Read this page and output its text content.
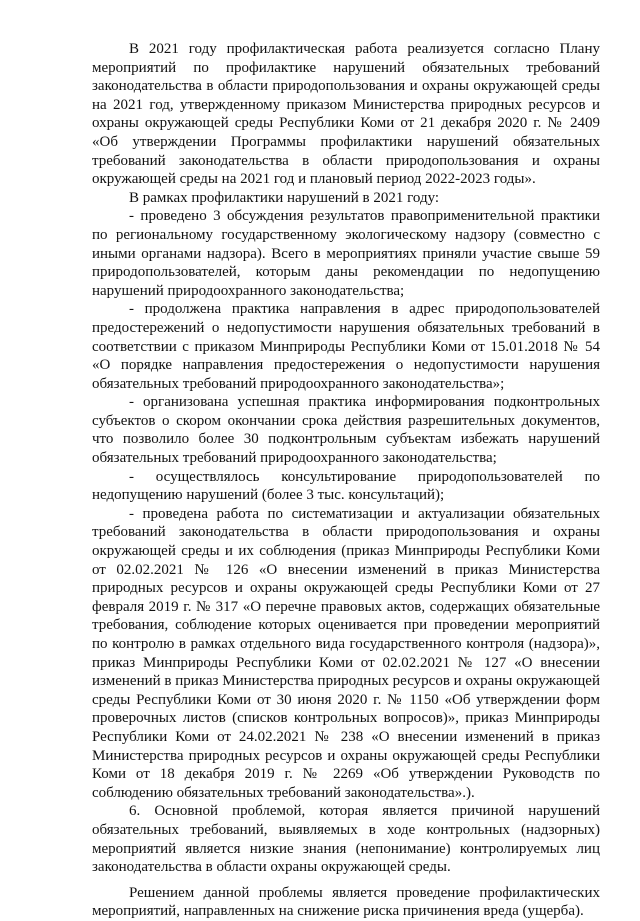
В 2021 году профилактическая работа реализуется согласно Плану мероприятий по профилактике нарушений обязательных требований законодательства в области природопользования и охраны окружающей среды на 2021 год, утвержденному приказом Министерства природных ресурсов и охраны окружающей среды Республики Коми от 21 декабря 2020 г. № 2409 «Об утверждении Программы профилактики нарушений обязательных требований законодательства в области природопользования и охраны окружающей среды на 2021 год и плановый период 2022-2023 годы».

В рамках профилактики нарушений в 2021 году:

- проведено 3 обсуждения результатов правоприменительной практики по региональному государственному экологическому надзору (совместно с иными органами надзора). Всего в мероприятиях приняли участие свыше 59 природопользователей, которым даны рекомендации по недопущению нарушений природоохранного законодательства;

- продолжена практика направления в адрес природопользователей предостережений о недопустимости нарушения обязательных требований в соответствии с приказом Минприроды Республики Коми от 15.01.2018 № 54 «О порядке направления предостережения о недопустимости нарушения обязательных требований природоохранного законодательства»;

- организована успешная практика информирования подконтрольных субъектов о скором окончании срока действия разрешительных документов, что позволило более 30 подконтрольным субъектам избежать нарушений обязательных требований природоохранного законодательства;

- осуществлялось консультирование природопользователей по недопущению нарушений (более 3 тыс. консультаций);

- проведена работа по систематизации и актуализации обязательных требований законодательства в области природопользования и охраны окружающей среды и их соблюдения (приказ Минприроды Республики Коми от 02.02.2021 № 126 «О внесении изменений в приказ Министерства природных ресурсов и охраны окружающей среды Республики Коми от 27 февраля 2019 г. № 317 «О перечне правовых актов, содержащих обязательные требования, соблюдение которых оценивается при проведении мероприятий по контролю в рамках отдельного вида государственного контроля (надзора)», приказ Минприроды Республики Коми от 02.02.2021 № 127 «О внесении изменений в приказ Министерства природных ресурсов и охраны окружающей среды Республики Коми от 30 июня 2020 г. № 1150 «Об утверждении форм проверочных листов (списков контрольных вопросов)», приказ Минприроды Республики Коми от 24.02.2021 № 238 «О внесении изменений в приказ Министерства природных ресурсов и охраны окружающей среды Республики Коми от 18 декабря 2019 г. № 2269 «Об утверждении Руководств по соблюдению обязательных требований законодательства».).

6. Основной проблемой, которая является причиной нарушений обязательных требований, выявляемых в ходе контрольных (надзорных) мероприятий является низкие знания (непонимание) контролируемых лиц законодательства в области охраны окружающей среды.

Решением данной проблемы является проведение профилактических мероприятий, направленных на снижение риска причинения вреда (ущерба).
